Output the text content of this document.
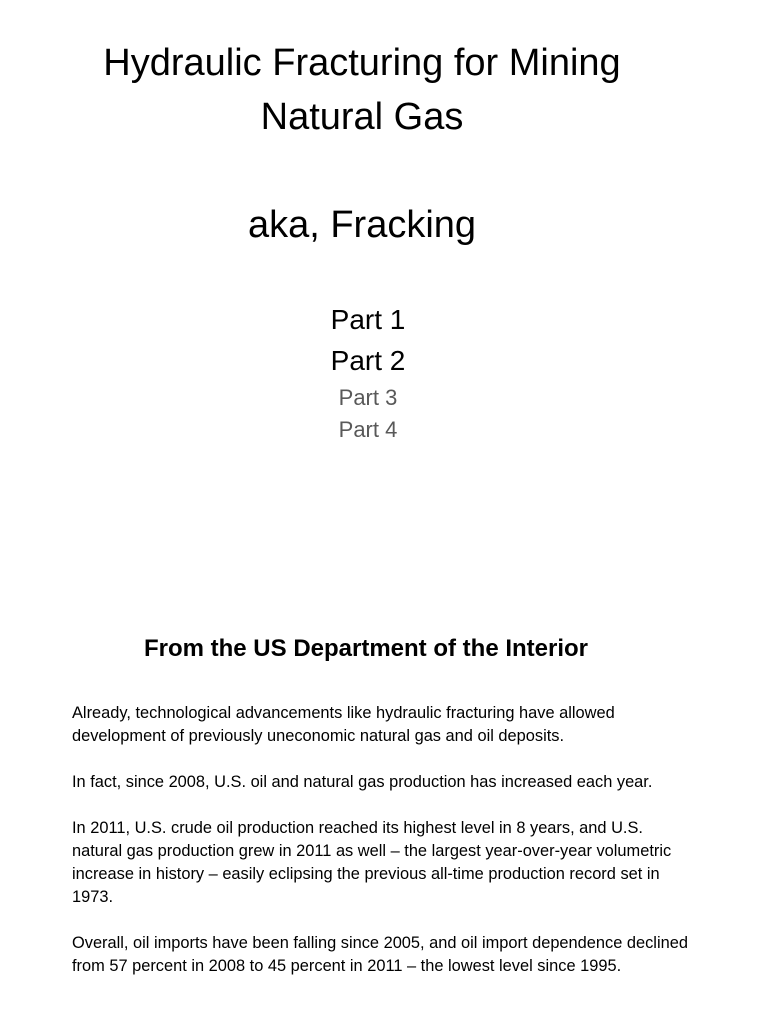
Hydraulic Fracturing for Mining
Natural Gas
aka, Fracking

Part 1

Part 2

Part 3

Part 4

From the US Department of the Interior

Already, technological advancements like hydraulic fracturing have allowed development of previously uneconomic natural gas and oil deposits.

In fact, since 2008, U.S. oil and natural gas production has increased each year.

In 2011, U.S. crude oil production reached its highest level in 8 years, and U.S. natural gas production grew in 2011 as well – the largest year-over-year volumetric increase in history – easily eclipsing the previous all-time production record set in 1973.

Overall, oil imports have been falling since 2005, and oil import dependence declined from 57 percent in 2008 to 45 percent in 2011 – the lowest level since 1995.
